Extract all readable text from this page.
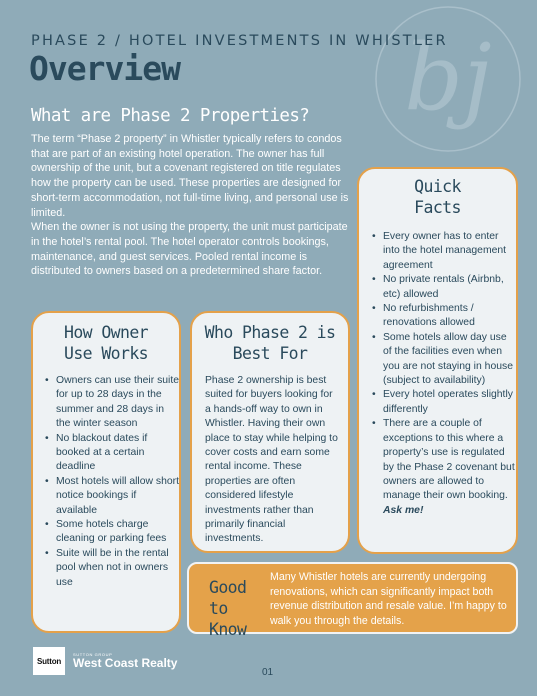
bj
PHASE 2 / HOTEL INVESTMENTS IN WHISTLER
Overview
What are Phase 2 Properties?

The term “Phase 2 property” in Whistler typically refers to condos that are part of an existing hotel operation. The owner has full ownership of the unit, but a covenant registered on title regulates how the property can be used. These properties are designed for short-term accommodation, not full-time living, and personal use is limited.

When the owner is not using the property, the unit must participate in the hotel’s rental pool. The hotel operator controls bookings, maintenance, and guest services. Pooled rental income is distributed to owners based on a predetermined share factor.

Quick
Facts
• Every owner has to enter into the hotel management agreement
• No private rentals (Airbnb, etc) allowed
• No refurbishments / renovations allowed
• Some hotels allow day use of the facilities even when you are not staying in house (subject to availability)
• Every hotel operates slightly differently
• There are a couple of exceptions to this where a property’s use is regulated by the Phase 2 covenant but owners are allowed to manage their own booking. Ask me!
How Owner
Use Works
• Owners can use their suite for up to 28 days in the summer and 28 days in the winter season
• No blackout dates if booked at a certain deadline
• Most hotels will allow short notice bookings if available
• Some hotels charge cleaning or parking fees
• Suite will be in the rental pool when not in owners use
Who Phase 2 is
Best For

Phase 2 ownership is best suited for buyers looking for a hands-off way to own in Whistler. Having their own place to stay while helping to cover costs and earn some rental income. These properties are often considered lifestyle investments rather than primarily financial investments.

Good to
Know
Many Whistler hotels are currently undergoing renovations, which can significantly impact both revenue distribution and resale value. I’m happy to walk you through the details.
Sutton
SUTTON GROUP
West Coast Realty
01
